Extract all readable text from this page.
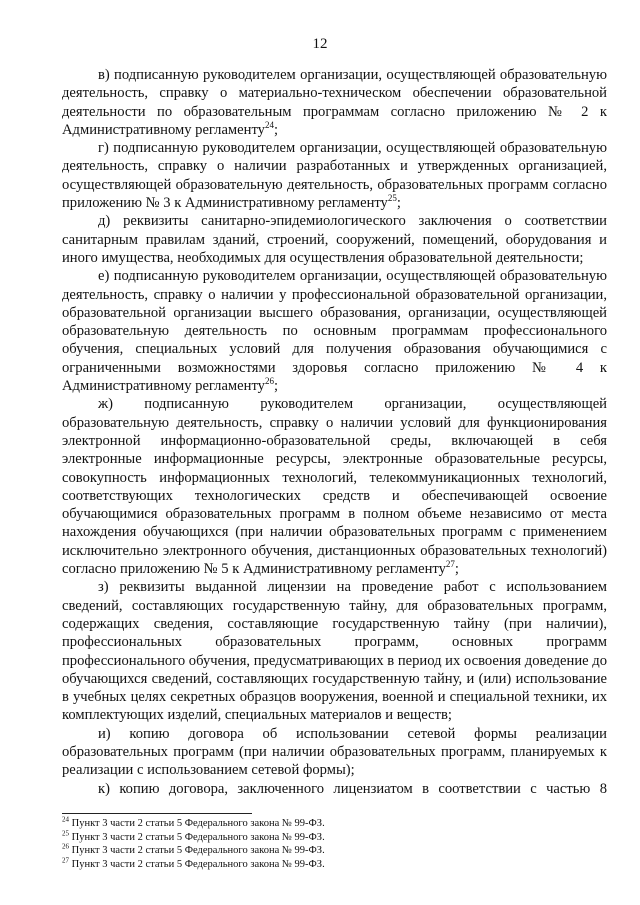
12

в) подписанную руководителем организации, осуществляющей образовательную деятельность, справку о материально-техническом обеспечении образовательной деятельности по образовательным программам согласно приложению № 2 к Административному регламенту$^{24}$;

г) подписанную руководителем организации, осуществляющей образовательную деятельность, справку о наличии разработанных и утвержденных организацией, осуществляющей образовательную деятельность, образовательных программ согласно приложению № 3 к Административному регламенту$^{25}$;

д) реквизиты санитарно-эпидемиологического заключения о соответствии санитарным правилам зданий, строений, сооружений, помещений, оборудования и иного имущества, необходимых для осуществления образовательной деятельности;

е) подписанную руководителем организации, осуществляющей образовательную деятельность, справку о наличии у профессиональной образовательной организации, образовательной организации высшего образования, организации, осуществляющей образовательную деятельность по основным программам профессионального обучения, специальных условий для получения образования обучающимися с ограниченными возможностями здоровья согласно приложению № 4 к Административному регламенту$^{26}$;

ж) подписанную руководителем организации, осуществляющей образовательную деятельность, справку о наличии условий для функционирования электронной информационно-образовательной среды, включающей в себя электронные информационные ресурсы, электронные образовательные ресурсы, совокупность информационных технологий, телекоммуникационных технологий, соответствующих технологических средств и обеспечивающей освоение обучающимися образовательных программ в полном объеме независимо от места нахождения обучающихся (при наличии образовательных программ с применением исключительно электронного обучения, дистанционных образовательных технологий) согласно приложению № 5 к Административному регламенту$^{27}$;

з) реквизиты выданной лицензии на проведение работ с использованием сведений, составляющих государственную тайну, для образовательных программ, содержащих сведения, составляющие государственную тайну (при наличии), профессиональных образовательных программ, основных программ профессионального обучения, предусматривающих в период их освоения доведение до обучающихся сведений, составляющих государственную тайну, и (или) использование в учебных целях секретных образцов вооружения, военной и специальной техники, их комплектующих изделий, специальных материалов и веществ;

и) копию договора об использовании сетевой формы реализации образовательных программ (при наличии образовательных программ, планируемых к реализации с использованием сетевой формы);

к) копию договора, заключенного лицензиатом в соответствии с частью 8

$^{24}$ Пункт 3 части 2 статьи 5 Федерального закона № 99-ФЗ.

$^{25}$ Пункт 3 части 2 статьи 5 Федерального закона № 99-ФЗ.

$^{26}$ Пункт 3 части 2 статьи 5 Федерального закона № 99-ФЗ.

$^{27}$ Пункт 3 части 2 статьи 5 Федерального закона № 99-ФЗ.
